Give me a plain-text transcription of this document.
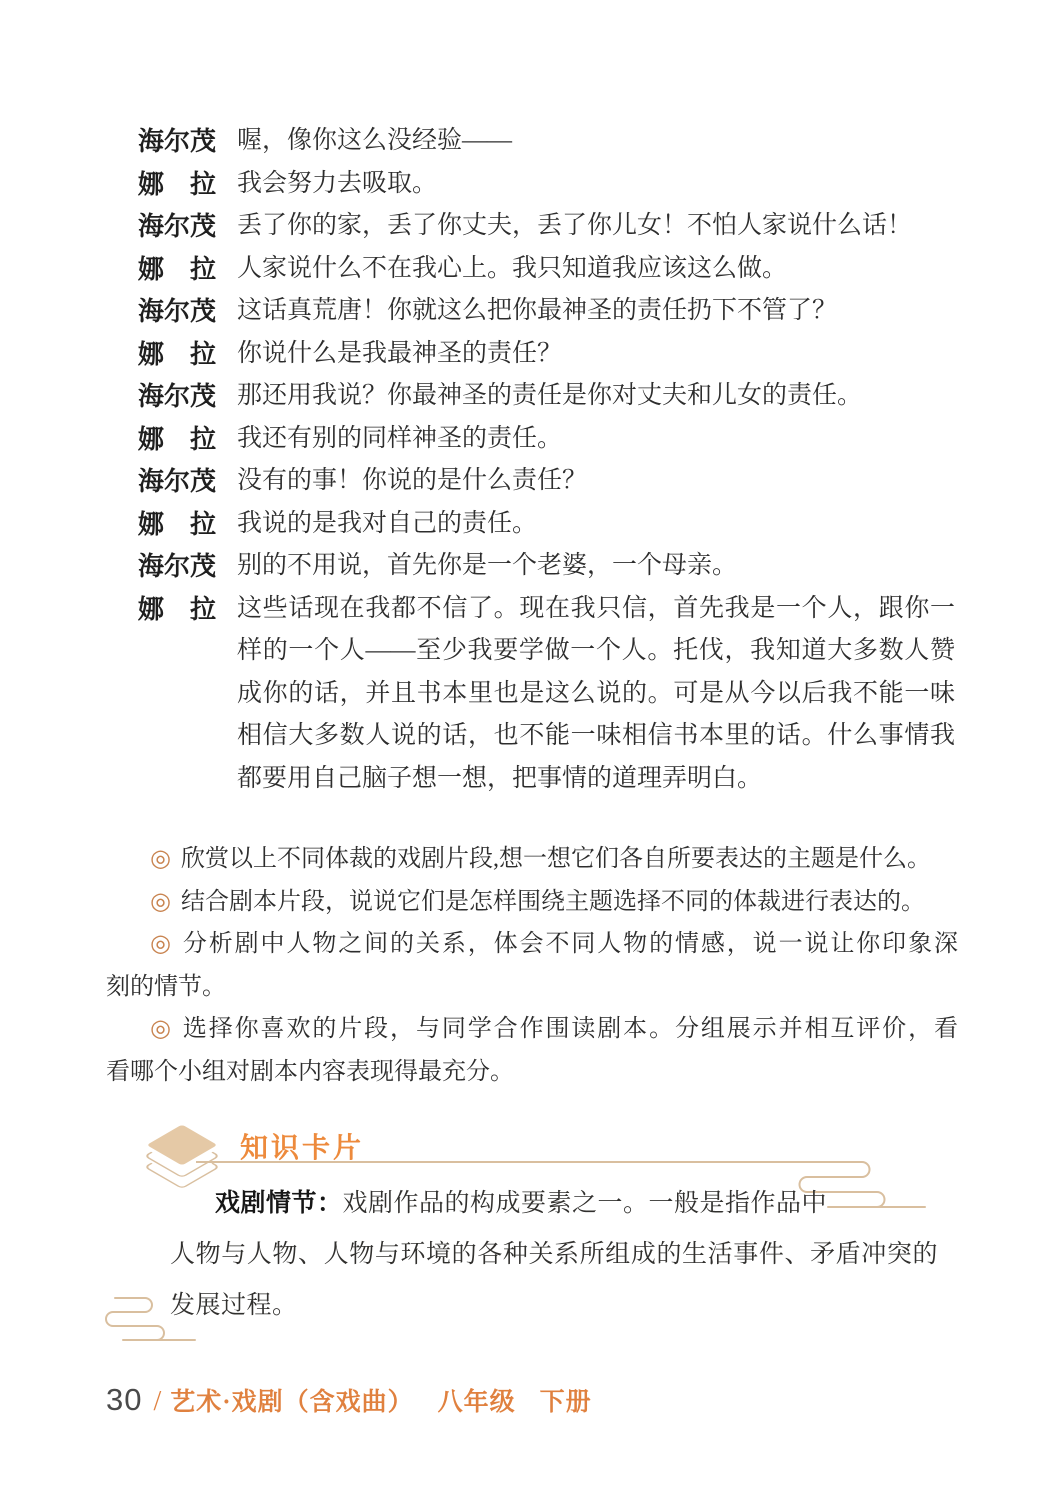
海尔茂 喔，像你这么没经验——
娜　拉 我会努力去吸取。
海尔茂 丢了你的家，丢了你丈夫，丢了你儿女！不怕人家说什么话！
娜　拉 人家说什么不在我心上。我只知道我应该这么做。
海尔茂 这话真荒唐！你就这么把你最神圣的责任扔下不管了？
娜　拉 你说什么是我最神圣的责任？
海尔茂 那还用我说？你最神圣的责任是你对丈夫和儿女的责任。
娜　拉 我还有别的同样神圣的责任。
海尔茂 没有的事！你说的是什么责任？
娜　拉 我说的是我对自己的责任。
海尔茂 别的不用说，首先你是一个老婆，一个母亲。
娜　拉 这些话现在我都不信了。现在我只信，首先我是一个人，跟你一
样的一个人——至少我要学做一个人。托伐，我知道大多数人赞
成你的话，并且书本里也是这么说的。可是从今以后我不能一味
相信大多数人说的话，也不能一味相信书本里的话。什么事情我
都要用自己脑子想一想，把事情的道理弄明白。
◎ 欣赏以上不同体裁的戏剧片段,想一想它们各自所要表达的主题是什么。
◎ 结合剧本片段，说说它们是怎样围绕主题选择不同的体裁进行表达的。
◎ 分析剧中人物之间的关系，体会不同人物的情感，说一说让你印象深
刻的情节。
◎ 选择你喜欢的片段，与同学合作围读剧本。分组展示并相互评价，看
看哪个小组对剧本内容表现得最充分。
知识卡片
戏剧情节：戏剧作品的构成要素之一。一般是指作品中
人物与人物、人物与环境的各种关系所组成的生活事件、矛盾冲突的
发展过程。
30 / 艺术·戏剧（含戏曲） 八年级 下册
